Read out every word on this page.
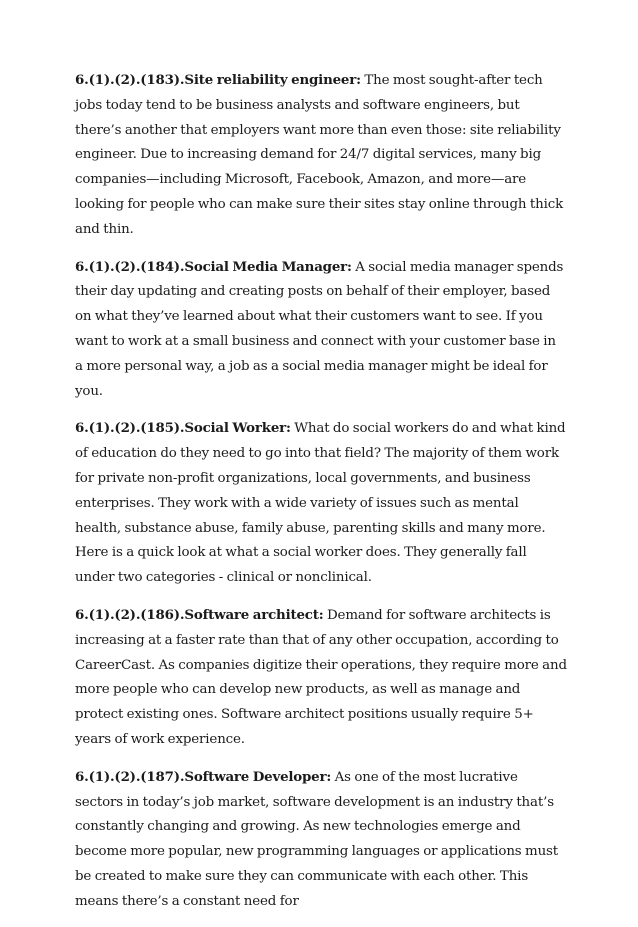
6.(1).(2).(183).Site reliability engineer: The most sought-after tech jobs today tend to be business analysts and software engineers, but there’s another that employers want more than even those: site reliability engineer. Due to increasing demand for 24/7 digital services, many big companies—including Microsoft, Facebook, Amazon, and more—are looking for people who can make sure their sites stay online through thick and thin.

6.(1).(2).(184).Social Media Manager: A social media manager spends their day updating and creating posts on behalf of their employer, based on what they’ve learned about what their customers want to see. If you want to work at a small business and connect with your customer base in a more personal way, a job as a social media manager might be ideal for you.

6.(1).(2).(185).Social Worker: What do social workers do and what kind of education do they need to go into that field? The majority of them work for private non-profit organizations, local governments, and business enterprises. They work with a wide variety of issues such as mental health, substance abuse, family abuse, parenting skills and many more. Here is a quick look at what a social worker does. They generally fall under two categories - clinical or nonclinical.

6.(1).(2).(186).Software architect: Demand for software architects is increasing at a faster rate than that of any other occupation, according to CareerCast. As companies digitize their operations, they require more and more people who can develop new products, as well as manage and protect existing ones. Software architect positions usually require 5+ years of work experience.

6.(1).(2).(187).Software Developer: As one of the most lucrative sectors in today’s job market, software development is an industry that’s constantly changing and growing. As new technologies emerge and become more popular, new programming languages or applications must be created to make sure they can communicate with each other. This means there’s a constant need for
